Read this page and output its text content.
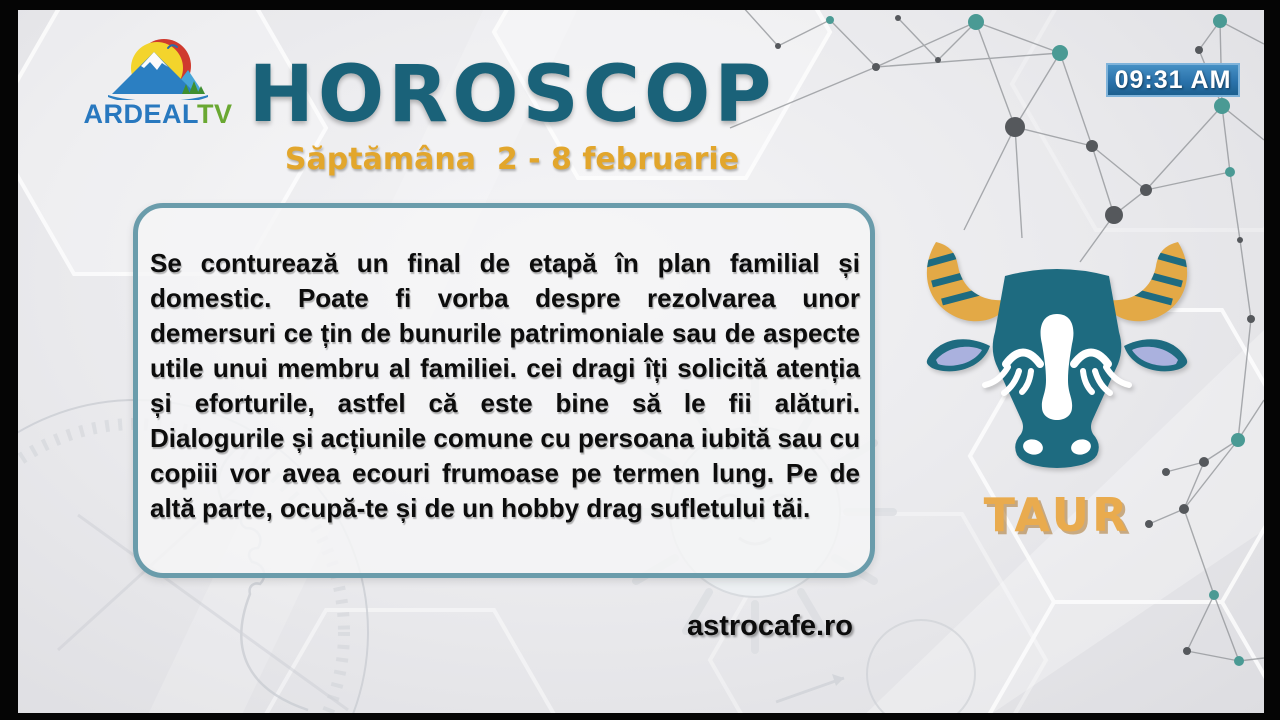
ARDEALTV HOROSCOP
Săptămâna  2 - 8 februarie
09:31 AM
Se conturează un final de etapă în plan familial și
domestic. Poate fi vorba despre rezolvarea unor
demersuri ce țin de bunurile patrimoniale sau de aspecte
utile unui membru al familiei. cei dragi îți solicită atenția
și eforturile, astfel că este bine să le fii alături.
Dialogurile și acțiunile comune cu persoana iubită sau cu
copiii vor avea ecouri frumoase pe termen lung. Pe de
altă parte, ocupă-te și de un hobby drag sufletului tăi.	TAUR
astrocafe.ro
